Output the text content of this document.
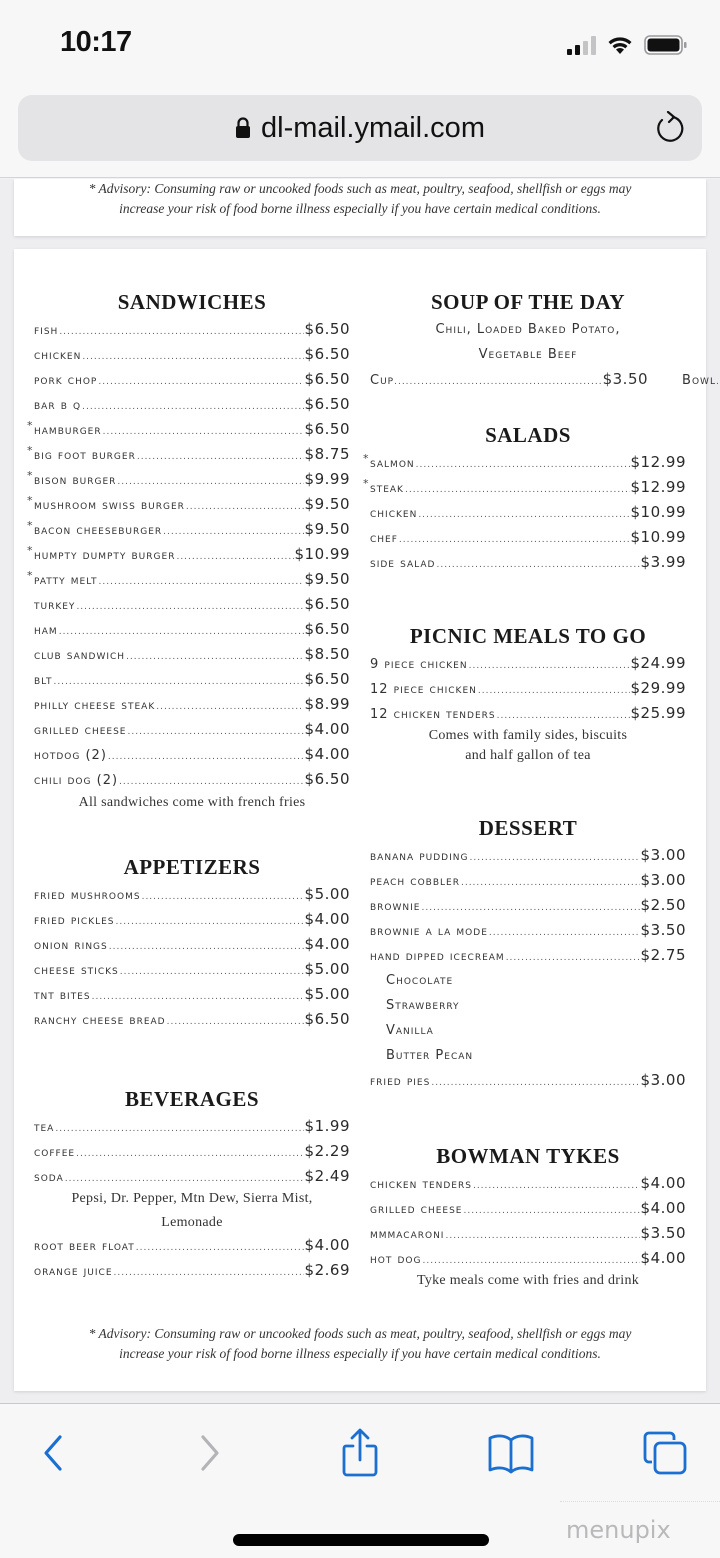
10:17
dl-mail.ymail.com
* Advisory: Consuming raw or uncooked foods such as meat, poultry, seafood, shellfish or eggs may
increase your risk of food borne illness especially if you have certain medical conditions.
SANDWICHES
fish .....	$6.50
chicken .....	$6.50
pork chop .....	$6.50
bar b q .....	$6.50
* hamburger .....	$6.50
* big foot burger .....	$8.75
* bison burger .....	$9.99
* mushroom swiss burger .....	$9.50
* bacon cheeseburger .....	$9.50
* humpty dumpty burger .....	$10.99
* patty melt .....	$9.50
turkey .....	$6.50
ham .....	$6.50
club sandwich .....	$8.50
blt .....	$6.50
philly cheese steak .....	$8.99
grilled cheese .....	$4.00
hotdog (2) .....	$4.00
chili dog (2) .....	$6.50
All sandwiches come with french fries
APPETIZERS
fried mushrooms .....	$5.00
fried pickles .....	$4.00
onion rings .....	$4.00
cheese sticks .....	$5.00
tnt bites .....	$5.00
ranchy cheese bread .....	$6.50
BEVERAGES
tea .....	$1.99
coffee .....	$2.29
soda .....	$2.49
Pepsi, Dr. Pepper, Mtn Dew, Sierra Mist,
Lemonade
root beer float .....	$4.00
orange juice .....	$2.69
SOUP OF THE DAY
Chili, Loaded Baked Potato,
Vegetable Beef
Cup .....	$3.50	Bowl
.....
SALADS
* salmon .....	$12.99
* steak .....	$12.99
chicken .....	$10.99
chef .....	$10.99
side salad .....	$3.99
PICNIC MEALS TO GO
9 piece chicken .....	$24.99
12 piece chicken .....	$29.99
12 chicken tenders .....	$25.99
Comes with family sides, biscuits
and half gallon of tea
DESSERT
banana pudding .....	$3.00
peach cobbler .....	$3.00
brownie .....	$2.50
brownie a la mode .....	$3.50
hand dipped icecream .....	$2.75
Chocolate
Strawberry
Vanilla
Butter Pecan
fried pies .....	$3.00
BOWMAN TYKES
chicken tenders .....	$4.00
grilled cheese .....	$4.00
mmmacaroni .....	$3.50
hot dog .....	$4.00
Tyke meals come with fries and drink
* Advisory: Consuming raw or uncooked foods such as meat, poultry, seafood, shellfish or eggs may
increase your risk of food borne illness especially if you have certain medical conditions.
menupix
